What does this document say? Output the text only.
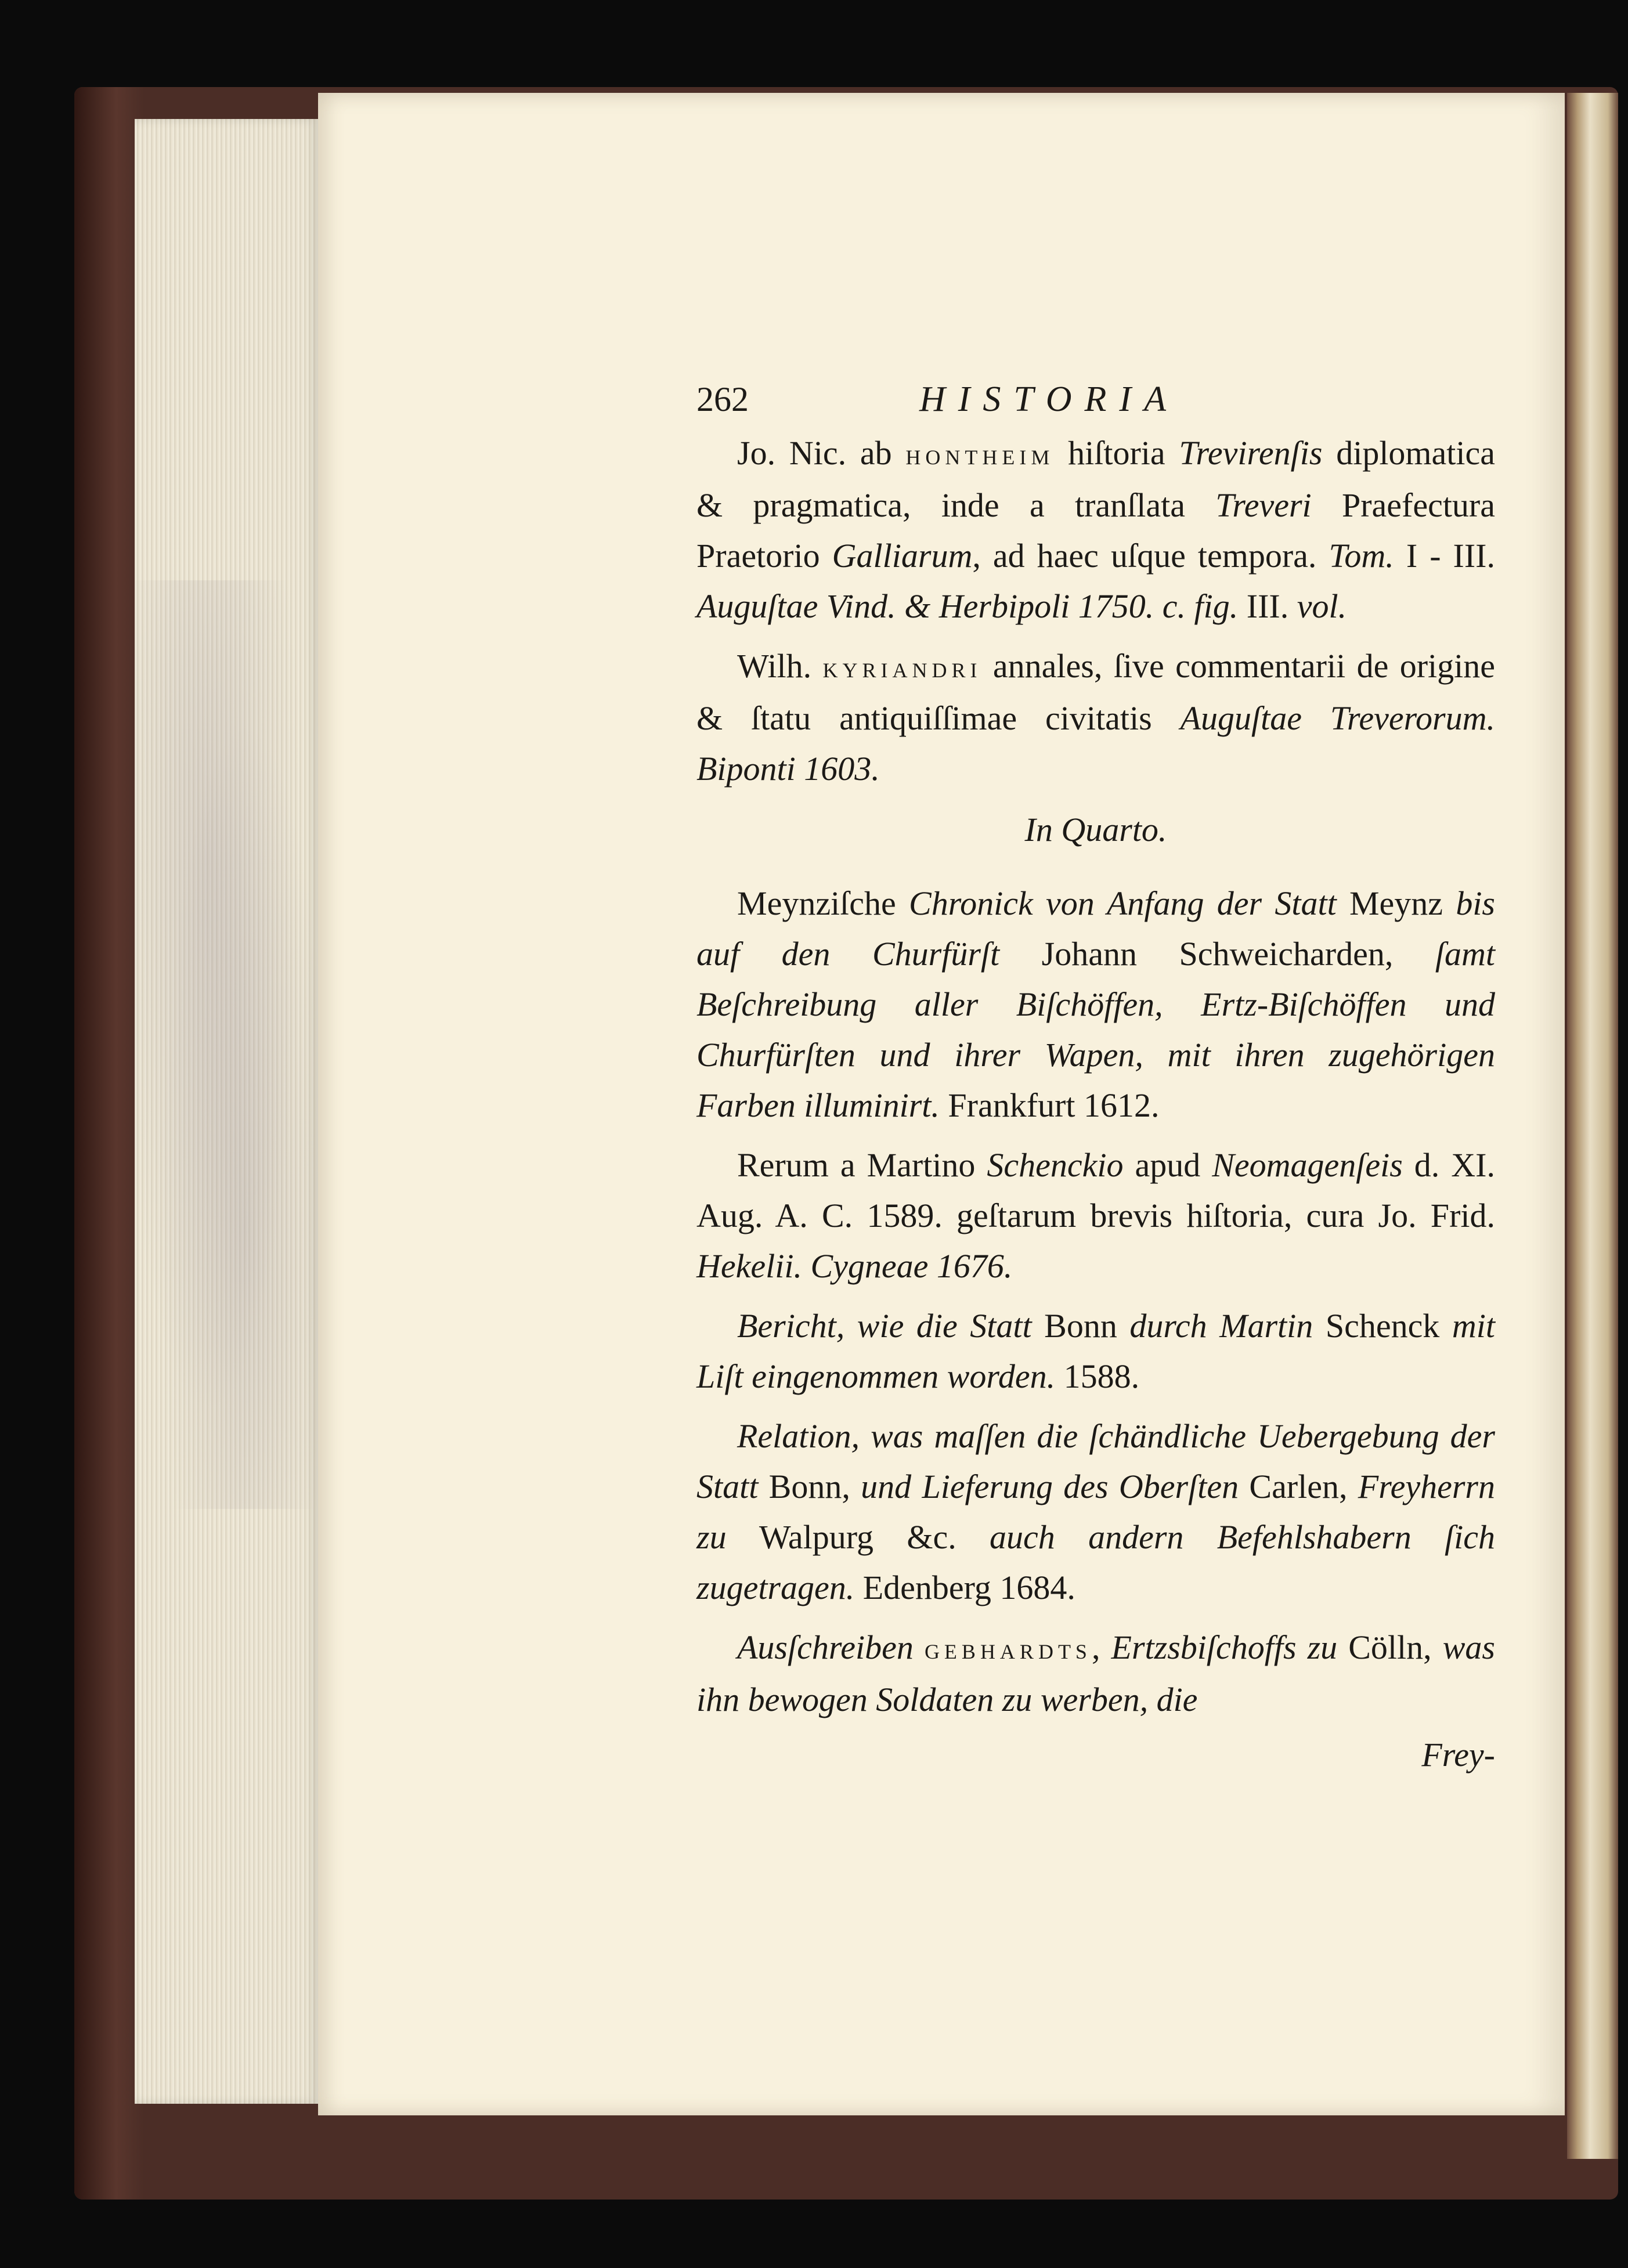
262	HISTORIA

Jo. Nic. ab hontheim hiſtoria Trevirenſis diplomatica & pragmatica, inde a tranſlata Treveri Praefectura Praetorio Galliarum, ad haec uſque tempora. Tom. I - III. Auguſtae Vind. & Herbipoli 1750. c. fig. III. vol.

Wilh. kyriandri annales, ſive commentarii de origine & ſtatu antiquiſſimae civitatis Auguſtae Treverorum. Biponti 1603.

In Quarto.

Meynziſche Chronick von Anfang der Statt Meynz bis auf den Churfürſt Johann Schweicharden, ſamt Beſchreibung aller Biſchöffen, Ertz-Biſchöffen und Churfürſten und ihrer Wapen, mit ihren zugehörigen Farben illuminirt. Frankfurt 1612.

Rerum a Martino Schenckio apud Neomagenſeis d. XI. Aug. A. C. 1589. geſtarum brevis hiſtoria, cura Jo. Frid. Hekelii. Cygneae 1676.

Bericht, wie die Statt Bonn durch Martin Schenck mit Liſt eingenommen worden. 1588.

Relation, was maſſen die ſchändliche Uebergebung der Statt Bonn, und Lieferung des Oberſten Carlen, Freyherrn zu Walpurg &c. auch andern Befehlshabern ſich zugetragen. Edenberg 1684.

Ausſchreiben gebhardts, Ertzsbiſchoffs zu Cölln, was ihn bewogen Soldaten zu werben, die

Frey-
